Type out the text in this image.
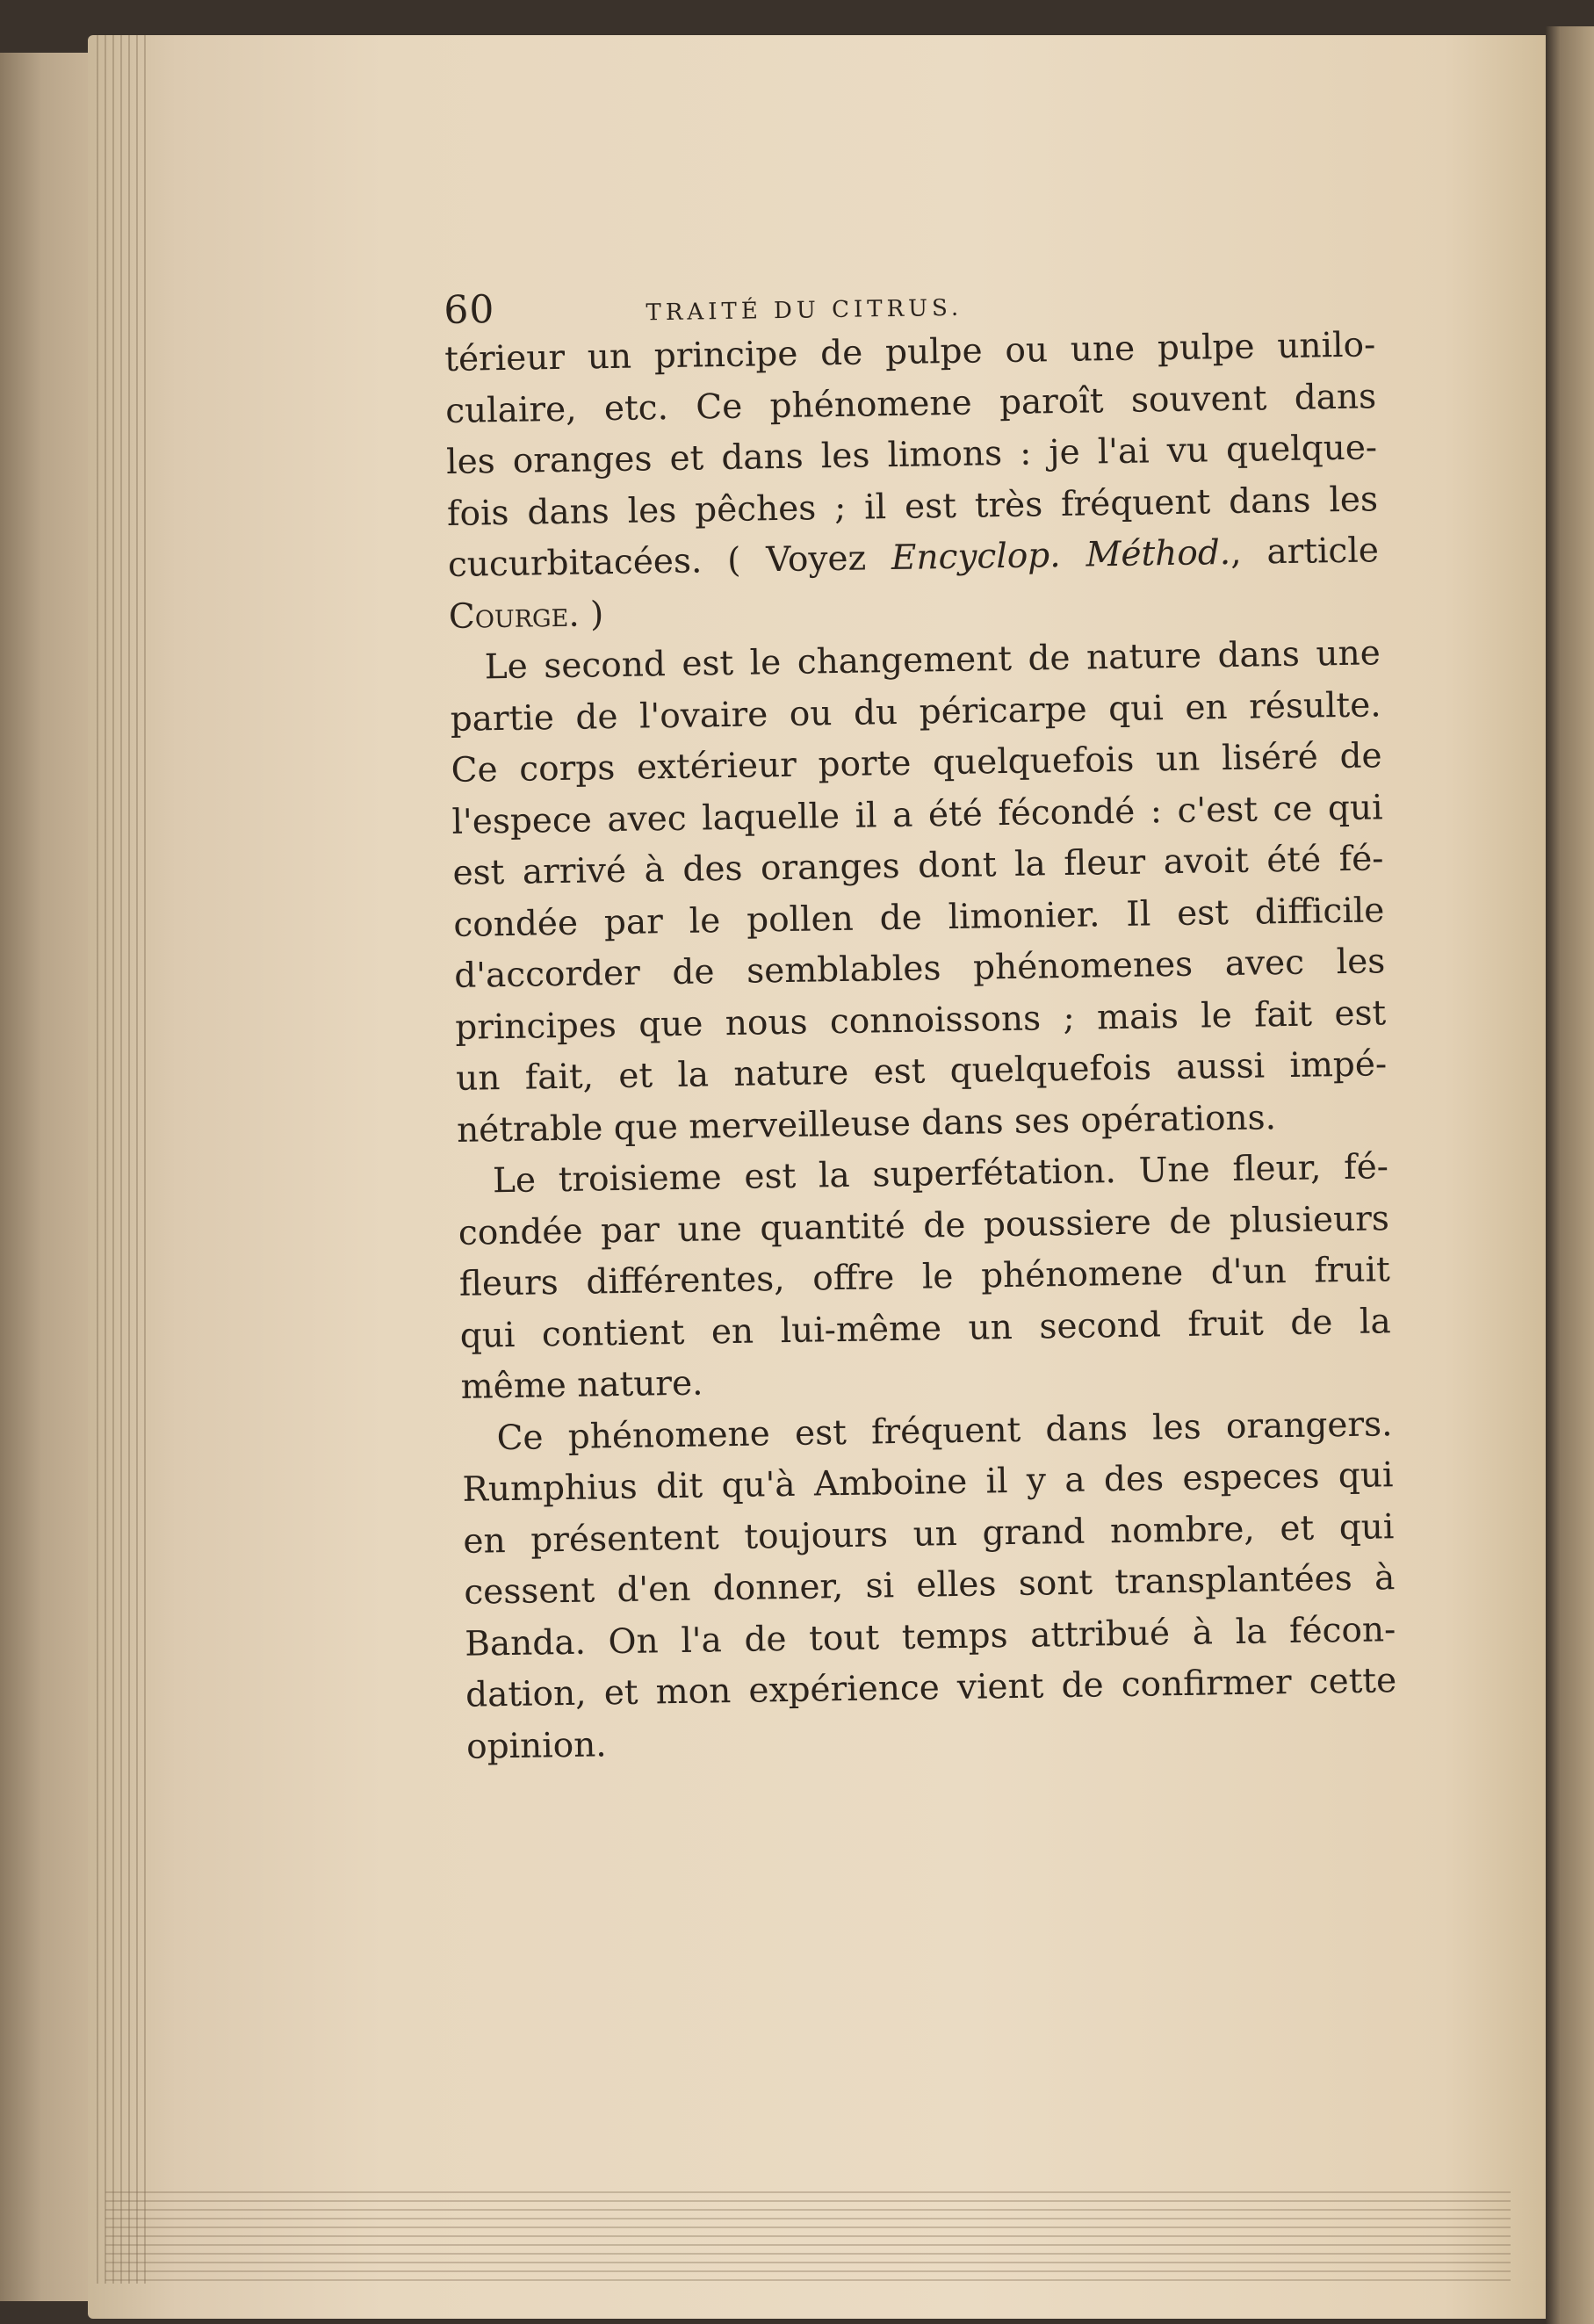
60	TRAITÉ DU CITRUS.
térieur un principe de pulpe ou une pulpe unilo-
culaire, etc. Ce phénomene paroît souvent dans
les oranges et dans les limons : je l'ai vu quelque-
fois dans les pêches ; il est très fréquent dans les
cucurbitacées. ( Voyez Encyclop. Méthod., article
Courge. )
Le second est le changement de nature dans une
partie de l'ovaire ou du péricarpe qui en résulte.
Ce corps extérieur porte quelquefois un liséré de
l'espece avec laquelle il a été fécondé : c'est ce qui
est arrivé à des oranges dont la fleur avoit été fé-
condée par le pollen de limonier. Il est difficile
d'accorder de semblables phénomenes avec les
principes que nous connoissons ; mais le fait est
un fait, et la nature est quelquefois aussi impé-
nétrable que merveilleuse dans ses opérations.
Le troisieme est la superfétation. Une fleur, fé-
condée par une quantité de poussiere de plusieurs
fleurs différentes, offre le phénomene d'un fruit
qui contient en lui-même un second fruit de la
même nature.
Ce phénomene est fréquent dans les orangers.
Rumphius dit qu'à Amboine il y a des especes qui
en présentent toujours un grand nombre, et qui
cessent d'en donner, si elles sont transplantées à
Banda. On l'a de tout temps attribué à la fécon-
dation, et mon expérience vient de confirmer cette
opinion.
